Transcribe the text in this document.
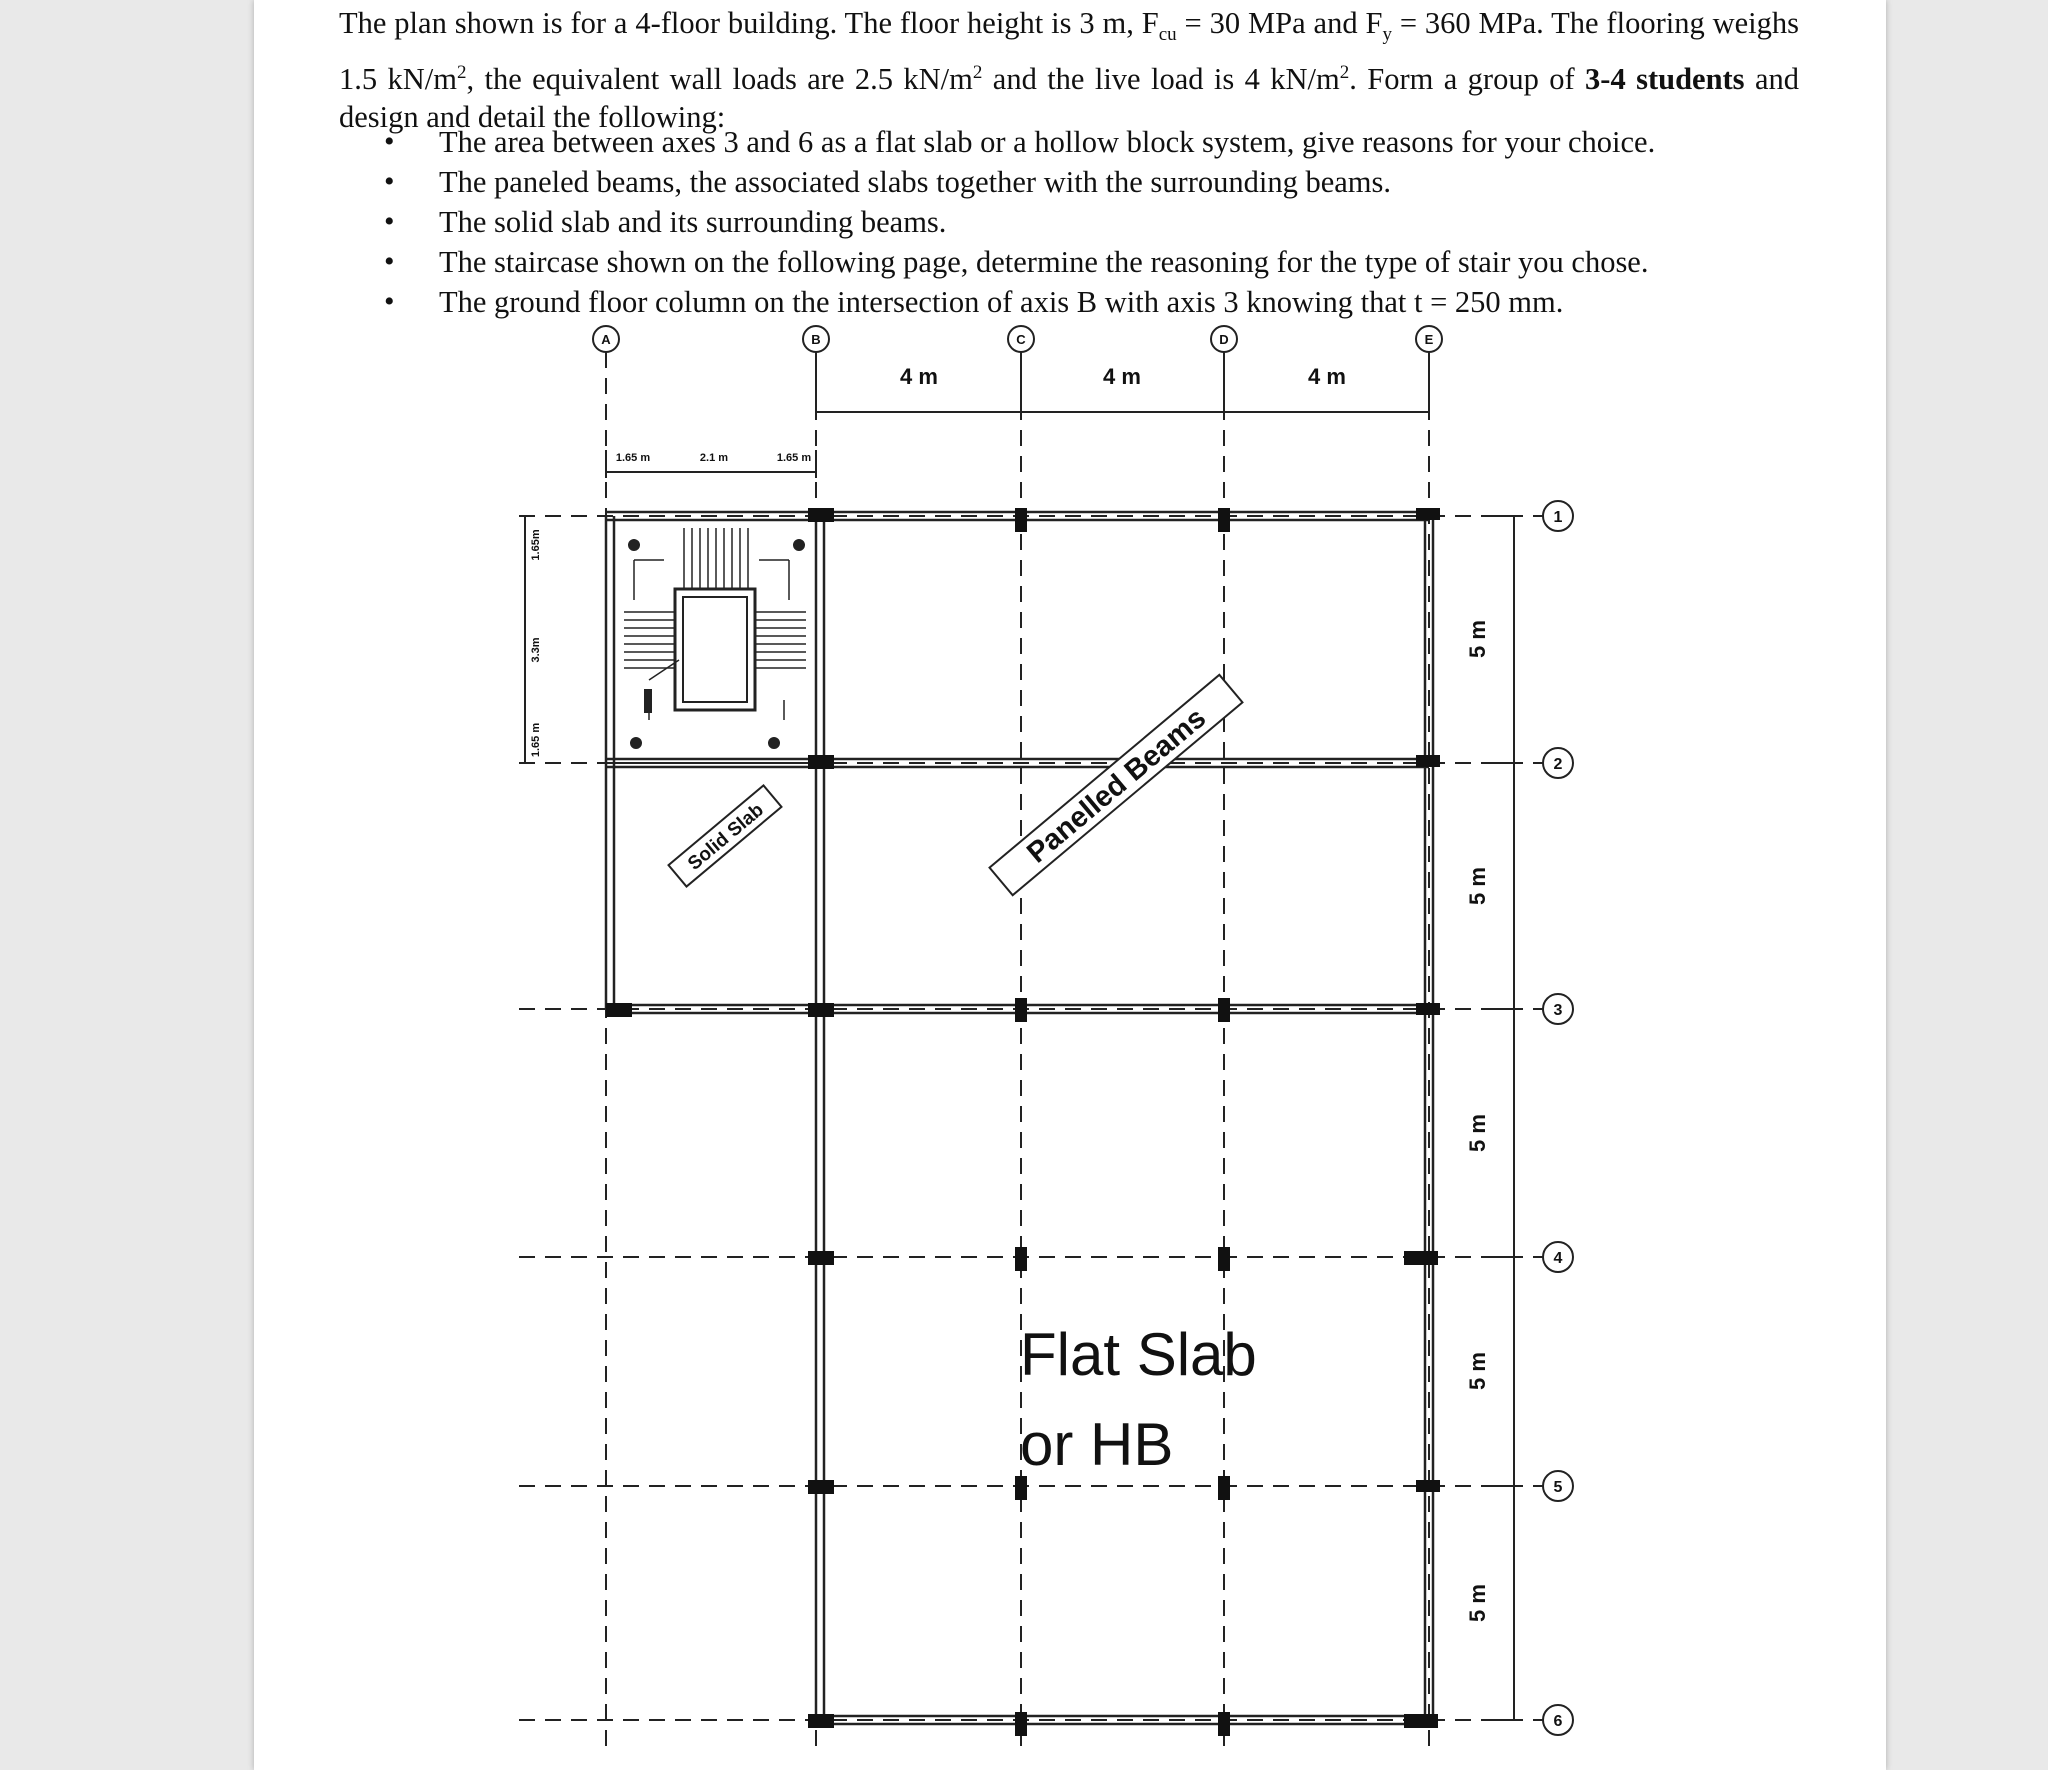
The plan shown is for a 4-floor building. The floor height is 3 m, $F_{cu} = 30$ MPa and $F_y = 360$ MPa. The flooring weighs 1.5 $kN/m^2$, the equivalent wall loads are 2.5 $kN/m^2$ and the live load is 4 $kN/m^2$. Form a group of 3-4 students and design and detail the following:

• The area between axes 3 and 6 as a flat slab or a hollow block system, give reasons for your choice.
• The paneled beams, the associated slabs together with the surrounding beams.
• The solid slab and its surrounding beams.
• The staircase shown on the following page, determine the reasoning for the type of stair you chose.
• The ground floor column on the intersection of axis B with axis 3 knowing that t = 250 mm.
A	B	C	D	E
1
2
3
4
5
6
4 m	4 m	4 m
1.65 m	2.1 m	1.65 m
1.65m
3.3m
1.65 m
5 m
5 m
5 m
5 m
5 m
Solid Slab	Panelled Beams
Flat Slab
or HB
